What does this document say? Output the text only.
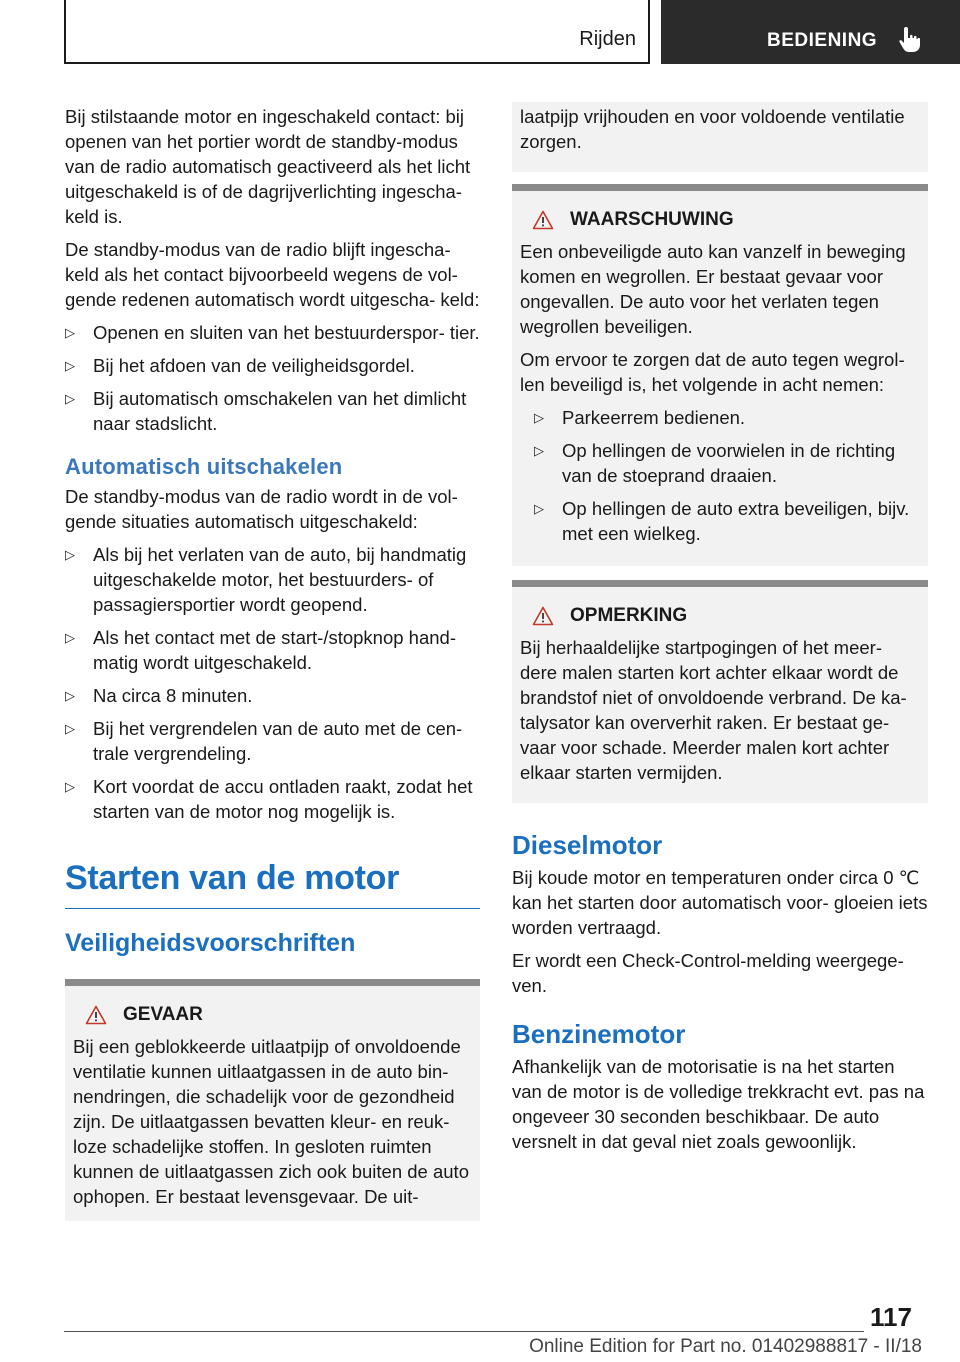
Rijden	BEDIENING

Bij stilstaande motor en ingeschakeld contact: bij openen van het portier wordt de standby-modus van de radio automatisch geactiveerd als het licht uitgeschakeld is of de dagrijverlichting ingescha‐ keld is.

De standby-modus van de radio blijft ingescha‐ keld als het contact bijvoorbeeld wegens de vol‐ gende redenen automatisch wordt uitgescha‐ keld:

▷ Openen en sluiten van het bestuurderspor‐ tier.
▷ Bij het afdoen van de veiligheidsgordel.
▷ Bij automatisch omschakelen van het dimlicht naar stadslicht.
Automatisch uitschakelen

De standby-modus van de radio wordt in de vol‐ gende situaties automatisch uitgeschakeld:

▷ Als bij het verlaten van de auto, bij handmatig uitgeschakelde motor, het bestuurders- of passagiersportier wordt geopend.
▷ Als het contact met de start-/stopknop hand‐ matig wordt uitgeschakeld.
▷ Na circa 8 minuten.
▷ Bij het vergrendelen van de auto met de cen‐ trale vergrendeling.
▷ Kort voordat de accu ontladen raakt, zodat het starten van de motor nog mogelijk is.
Starten van de motor
Veiligheidsvoorschriften
GEVAAR

Bij een geblokkeerde uitlaatpijp of onvoldoende ventilatie kunnen uitlaatgassen in de auto bin‐ nendringen, die schadelijk voor de gezondheid zijn. De uitlaatgassen bevatten kleur- en reuk‐ loze schadelijke stoffen. In gesloten ruimten kunnen de uitlaatgassen zich ook buiten de auto ophopen. Er bestaat levensgevaar. De uit‐

laatpijp vrijhouden en voor voldoende ventilatie zorgen.

WAARSCHUWING

Een onbeveiligde auto kan vanzelf in beweging komen en wegrollen. Er bestaat gevaar voor ongevallen. De auto voor het verlaten tegen wegrollen beveiligen.

Om ervoor te zorgen dat de auto tegen wegrol‐ len beveiligd is, het volgende in acht nemen:

▷ Parkeerrem bedienen.
▷ Op hellingen de voorwielen in de richting van de stoeprand draaien.
▷ Op hellingen de auto extra beveiligen, bijv. met een wielkeg.
OPMERKING

Bij herhaaldelijke startpogingen of het meer‐ dere malen starten kort achter elkaar wordt de brandstof niet of onvoldoende verbrand. De ka‐ talysator kan oververhit raken. Er bestaat ge‐ vaar voor schade. Meerder malen kort achter elkaar starten vermijden.

Dieselmotor

Bij koude motor en temperaturen onder circa 0 ℃ kan het starten door automatisch voor‐ gloeien iets worden vertraagd.

Er wordt een Check-Control-melding weergege‐ ven.

Benzinemotor

Afhankelijk van de motorisatie is na het starten van de motor is de volledige trekkracht evt. pas na ongeveer 30 seconden beschikbaar. De auto versnelt in dat geval niet zoals gewoonlijk.

117
Online Edition for Part no. 01402988817 - II/18
